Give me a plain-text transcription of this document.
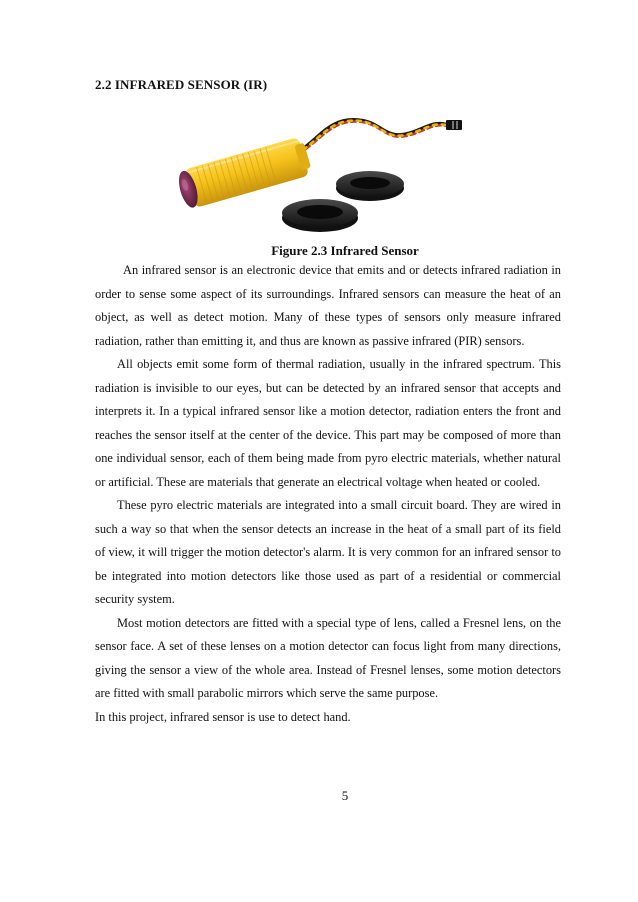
2.2 INFRARED SENSOR (IR)
Figure 2.3 Infrared Sensor

An infrared sensor is an electronic device that emits and or detects infrared radiation in order to sense some aspect of its surroundings. Infrared sensors can measure the heat of an object, as well as detect motion. Many of these types of sensors only measure infrared radiation, rather than emitting it, and thus are known as passive infrared (PIR) sensors.

All objects emit some form of thermal radiation, usually in the infrared spectrum. This radiation is invisible to our eyes, but can be detected by an infrared sensor that accepts and interprets it. In a typical infrared sensor like a motion detector, radiation enters the front and reaches the sensor itself at the center of the device. This part may be composed of more than one individual sensor, each of them being made from pyro electric materials, whether natural or artificial. These are materials that generate an electrical voltage when heated or cooled.

These pyro electric materials are integrated into a small circuit board. They are wired in such a way so that when the sensor detects an increase in the heat of a small part of its field of view, it will trigger the motion detector's alarm. It is very common for an infrared sensor to be integrated into motion detectors like those used as part of a residential or commercial security system.

Most motion detectors are fitted with a special type of lens, called a Fresnel lens, on the sensor face. A set of these lenses on a motion detector can focus light from many directions, giving the sensor a view of the whole area. Instead of Fresnel lenses, some motion detectors are fitted with small parabolic mirrors which serve the same purpose.

In this project, infrared sensor is use to detect hand.

5
